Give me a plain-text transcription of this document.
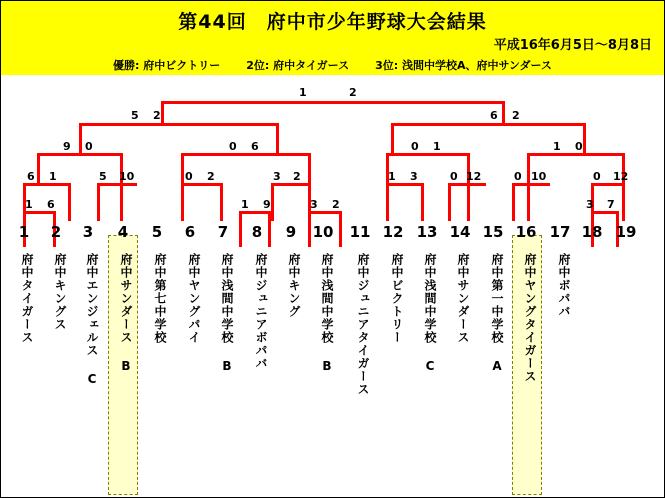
第44回　府中市少年野球大会結果
平成16年6月5日〜8月8日
優勝: 府中ビクトリー 2位: 府中タイガース 3位: 浅間中学校A、府中サンダース
1	2
5 2	6 2
9 0	0 6	0 1	1 0
6 1	5 10	0 2	3 2	1 3	0 12	0 10	0 12
1 6	1 9	3 2	3 7
1	2	3	4	5	6	7	8	9	10 11 12 13 14 15 16 17 18 19
府中タイガース	府中キングス	府中エンジェルス C	府中サンダース B	府中第七中学校	府中ヤングパイ	府中浅間中学校 B	府中ジュニアボパバ	府中キング	府中浅間中学校 B	府中ジュニアタイガース	府中ビクトリー	府中浅間中学校 C	府中サンダース	府中第一中学校 A	府中ヤングタイガース	府中ボパバ
